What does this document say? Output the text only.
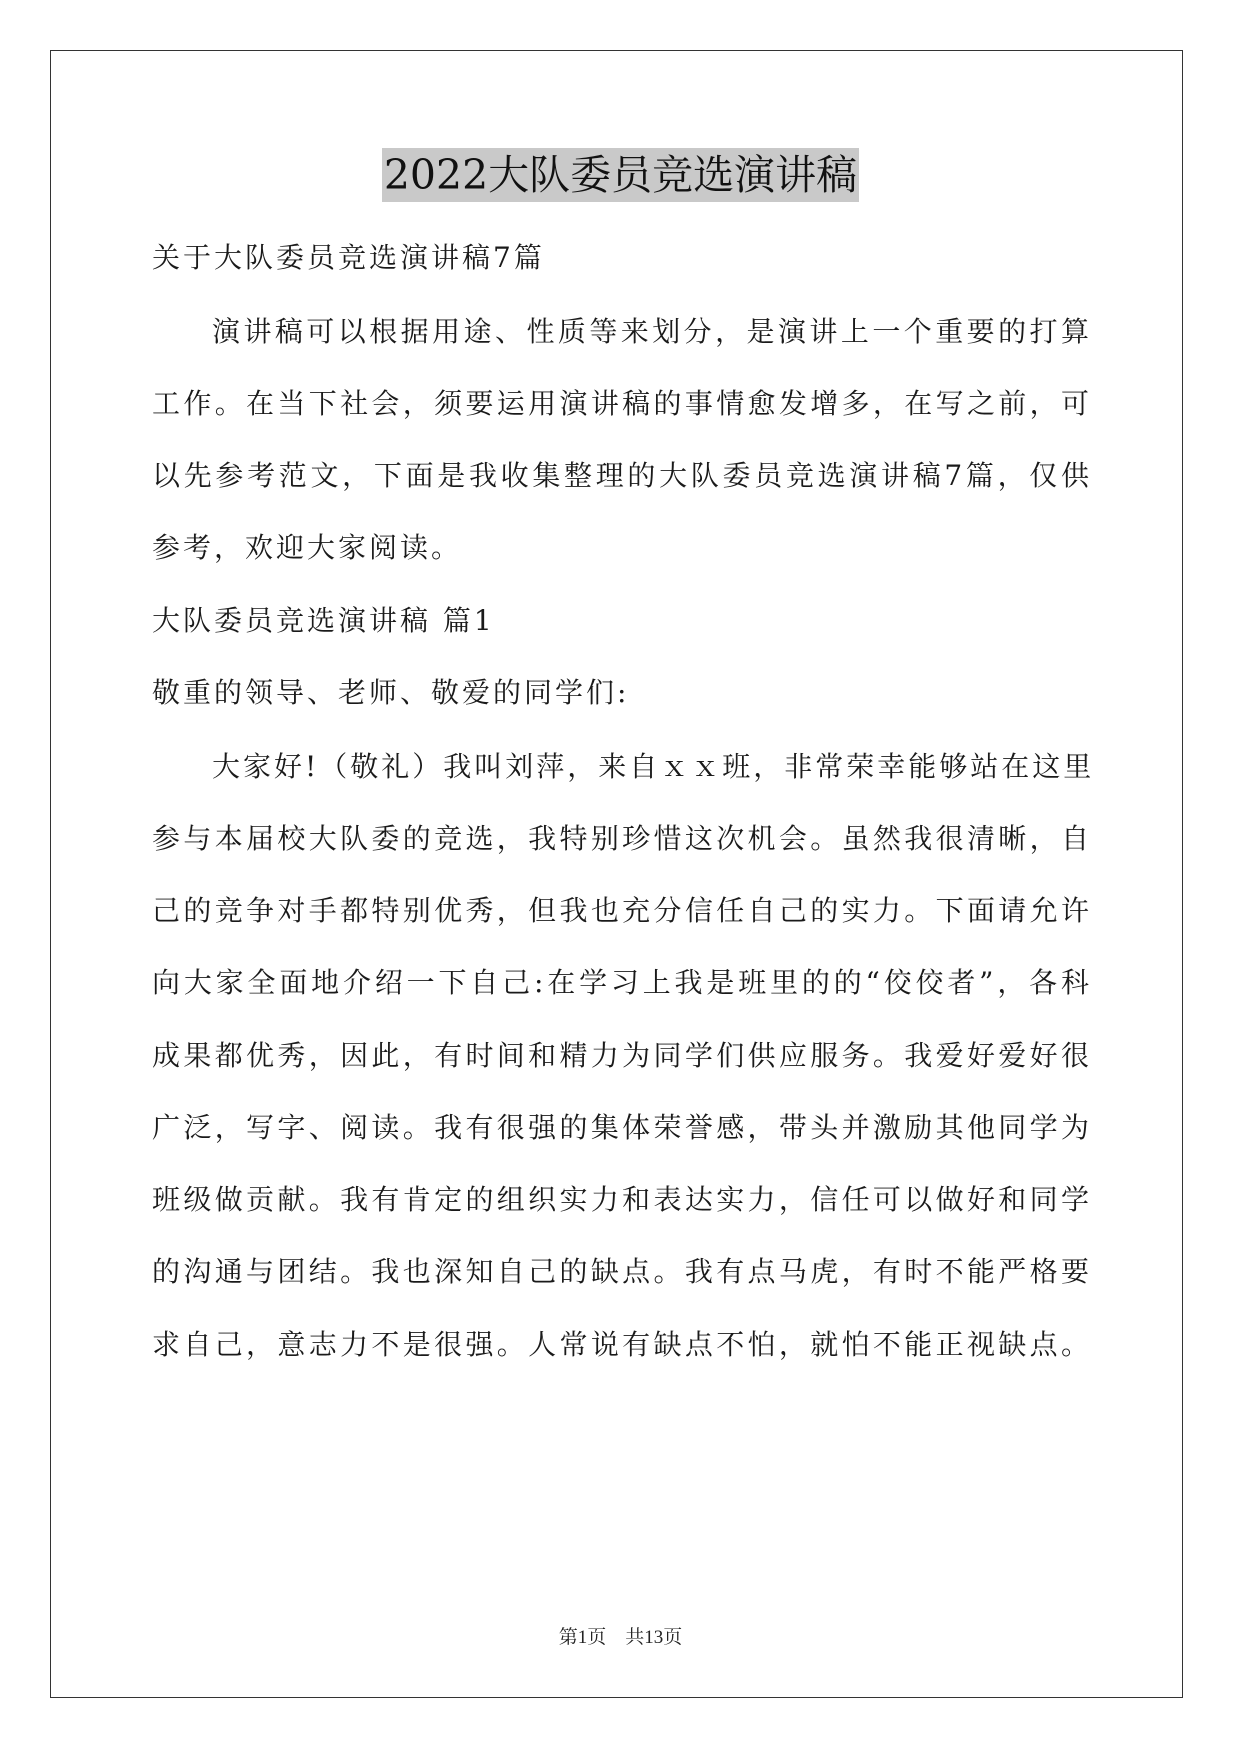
2022大队委员竞选演讲稿
关于大队委员竞选演讲稿7篇
演讲稿可以根据用途、性质等来划分，是演讲上一个重要的打算
工作。在当下社会，须要运用演讲稿的事情愈发增多，在写之前，可
以先参考范文，下面是我收集整理的大队委员竞选演讲稿7篇，仅供
参考，欢迎大家阅读。
大队委员竞选演讲稿 篇1
敬重的领导、老师、敬爱的同学们:
大家好!（敬礼）我叫刘萍，来自ｘｘ班，非常荣幸能够站在这里
参与本届校大队委的竞选，我特别珍惜这次机会。虽然我很清晰，自
己的竞争对手都特别优秀，但我也充分信任自己的实力。下面请允许
向大家全面地介绍一下自己:在学习上我是班里的的“佼佼者”，各科
成果都优秀，因此，有时间和精力为同学们供应服务。我爱好爱好很
广泛，写字、阅读。我有很强的集体荣誉感，带头并激励其他同学为
班级做贡献。我有肯定的组织实力和表达实力，信任可以做好和同学
的沟通与团结。我也深知自己的缺点。我有点马虎，有时不能严格要
求自己，意志力不是很强。人常说有缺点不怕，就怕不能正视缺点。
第1页　共13页
